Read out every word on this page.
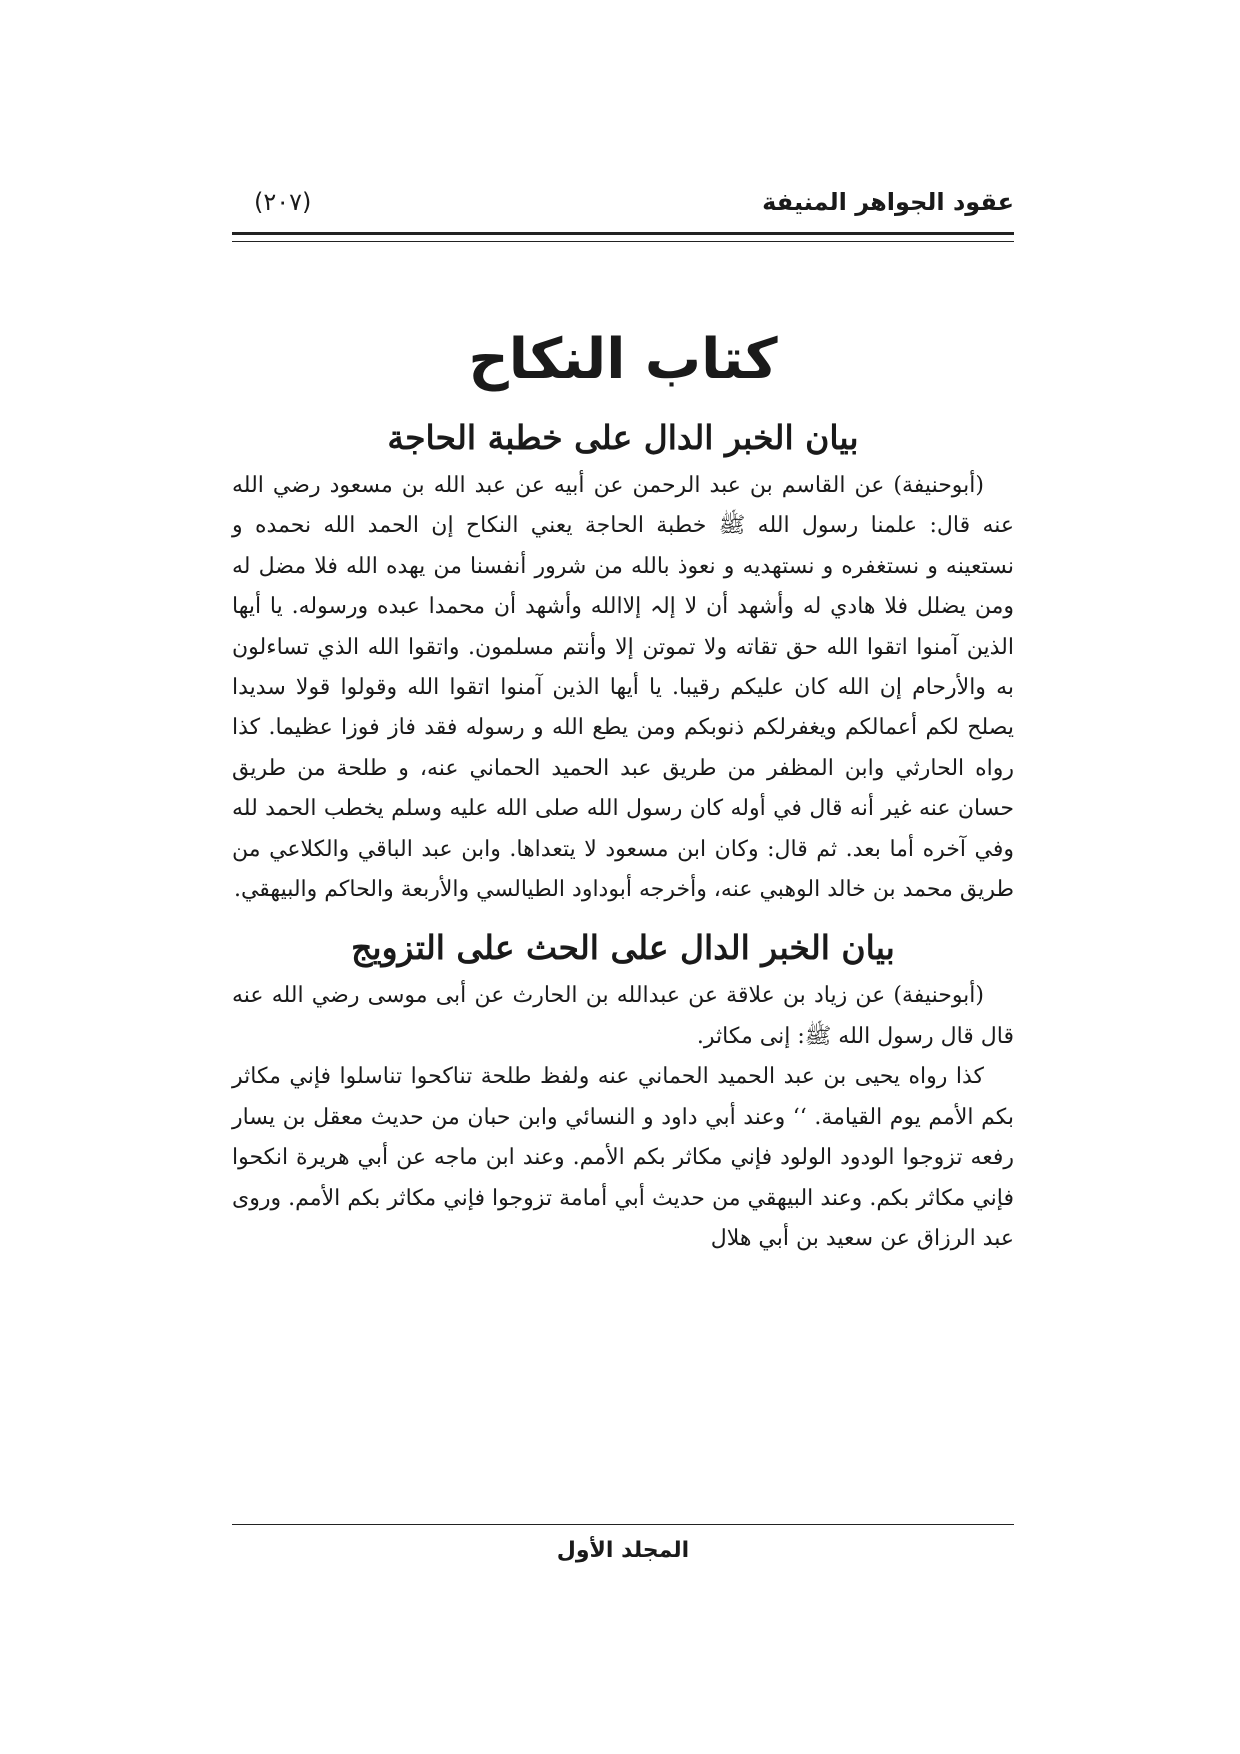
عقود الجواهر المنيفة
(٢٠٧)
كتاب النكاح
بيان الخبر الدال على خطبة الحاجة

(أبوحنيفة) عن القاسم بن عبد الرحمن عن أبيه عن عبد الله بن مسعود رضي الله عنه قال: علمنا رسول الله ﷺ خطبة الحاجة يعني النكاح إن الحمد الله نحمده و نستعينه و نستغفره و نستهديه و نعوذ بالله من شرور أنفسنا من يهده الله فلا مضل له ومن يضلل فلا هادي له وأشهد أن لا إلہ إلاالله وأشهد أن محمدا عبده ورسوله. يا أيها الذين آمنوا اتقوا الله حق تقاته ولا تموتن إلا وأنتم مسلمون. واتقوا الله الذي تساءلون به والأرحام إن الله كان عليكم رقيبا. يا أيها الذين آمنوا اتقوا الله وقولوا قولا سديدا يصلح لكم أعمالكم ويغفرلكم ذنوبكم ومن يطع الله و رسوله فقد فاز فوزا عظيما. كذا رواه الحارثي وابن المظفر من طريق عبد الحميد الحماني عنه، و طلحة من طريق حسان عنه غير أنه قال في أوله كان رسول الله صلى الله عليه وسلم يخطب الحمد لله وفي آخره أما بعد. ثم قال: وكان ابن مسعود لا يتعداها. وابن عبد الباقي والكلاعي من طريق محمد بن خالد الوهبي عنه، وأخرجه أبوداود الطيالسي والأربعة والحاكم والبيهقي.

بيان الخبر الدال على الحث على التزويج

(أبوحنيفة) عن زياد بن علاقة عن عبدالله بن الحارث عن أبى موسى رضي الله عنه قال قال رسول الله ﷺ: إنى مكاثر.

كذا رواه يحيى بن عبد الحميد الحماني عنه ولفظ طلحة تناكحوا تناسلوا فإني مكاثر بكم الأمم يوم القيامة. ‘‘ وعند أبي داود و النسائي وابن حبان من حديث معقل بن يسار رفعه تزوجوا الودود الولود فإني مكاثر بكم الأمم. وعند ابن ماجه عن أبي هريرة انكحوا فإني مكاثر بكم. وعند البيهقي من حديث أبي أمامة تزوجوا فإني مكاثر بكم الأمم. وروى عبد الرزاق عن سعيد بن أبي هلال

المجلد الأول
